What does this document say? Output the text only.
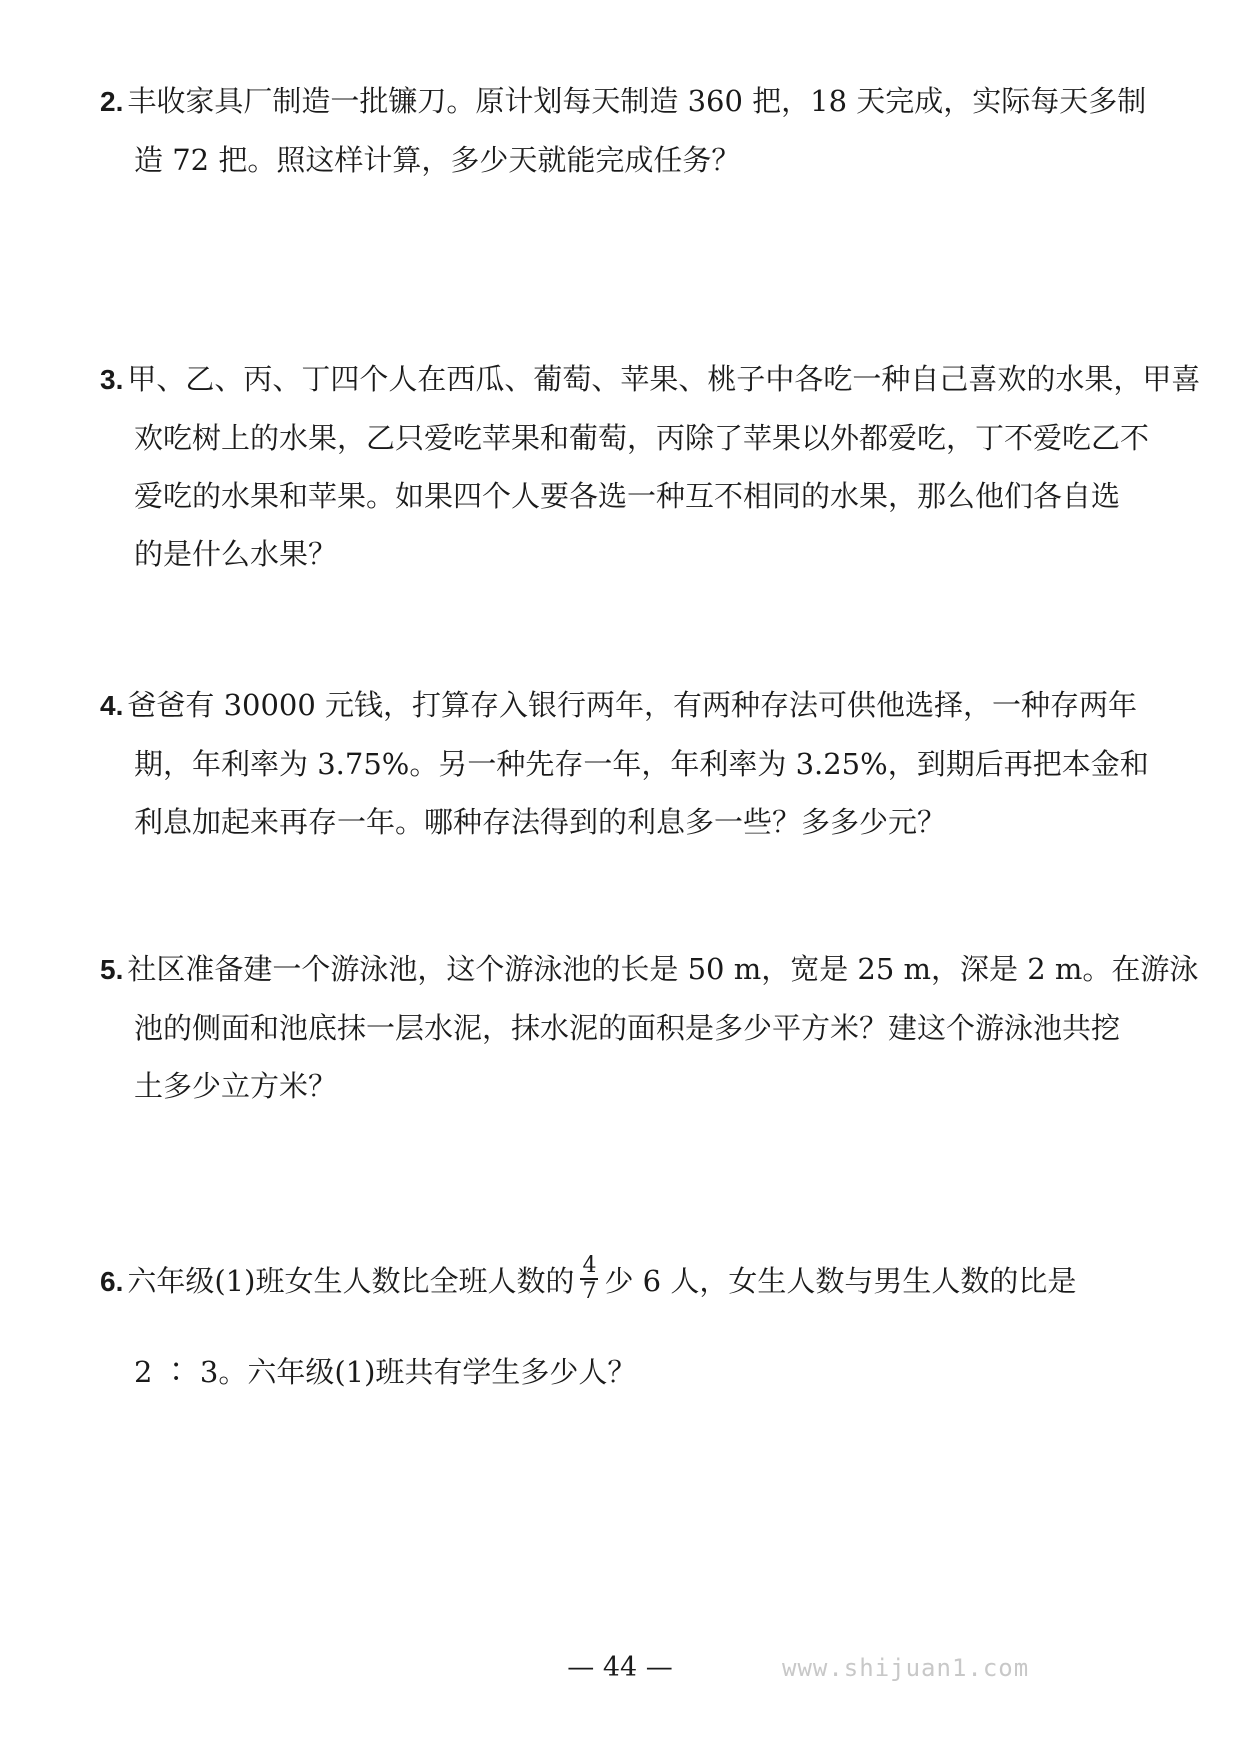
2. 丰收家具厂制造一批镰刀。原计划每天制造 360 把，18 天完成，实际每天多制
造 72 把。照这样计算，多少天就能完成任务？
3. 甲、乙、丙、丁四个人在西瓜、葡萄、苹果、桃子中各吃一种自己喜欢的水果，甲喜
欢吃树上的水果，乙只爱吃苹果和葡萄，丙除了苹果以外都爱吃，丁不爱吃乙不
爱吃的水果和苹果。如果四个人要各选一种互不相同的水果，那么他们各自选
的是什么水果？
4. 爸爸有 30000 元钱，打算存入银行两年，有两种存法可供他选择，一种存两年
期，年利率为 3.75%。另一种先存一年，年利率为 3.25%，到期后再把本金和
利息加起来再存一年。哪种存法得到的利息多一些？多多少元？
5. 社区准备建一个游泳池，这个游泳池的长是 50 m，宽是 25 m，深是 2 m。在游泳
池的侧面和池底抹一层水泥，抹水泥的面积是多少平方米？建这个游泳池共挖
土多少立方米？
6. 六年级(1)班女生人数比全班人数的 $\frac{4}{7}$ 少 6 人，女生人数与男生人数的比是
2 ∶ 3。六年级(1)班共有学生多少人？
— 44 —	www.shijuan1.com
